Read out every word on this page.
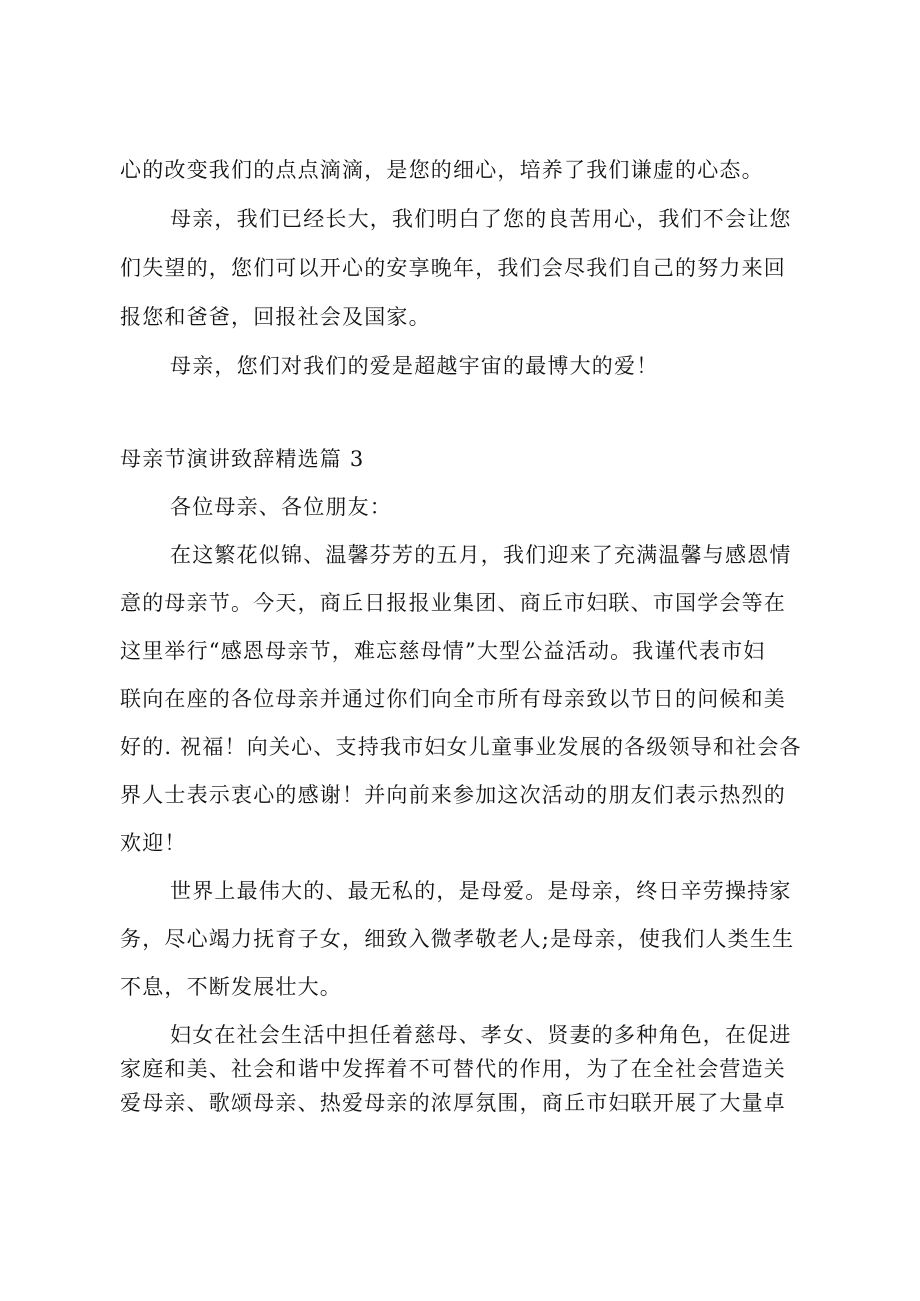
心的改变我们的点点滴滴，是您的细心，培养了我们谦虚的心态。
母亲，我们已经长大，我们明白了您的良苦用心，我们不会让您
们失望的，您们可以开心的安享晚年，我们会尽我们自己的努力来回
报您和爸爸，回报社会及国家。
母亲，您们对我们的爱是超越宇宙的最博大的爱！
母亲节演讲致辞精选篇 3
各位母亲、各位朋友：
在这繁花似锦、温馨芬芳的五月，我们迎来了充满温馨与感恩情
意的母亲节。今天，商丘日报报业集团、商丘市妇联、市国学会等在
这里举行“感恩母亲节，难忘慈母情”大型公益活动。我谨代表市妇
联向在座的各位母亲并通过你们向全市所有母亲致以节日的问候和美
好的. 祝福！向关心、支持我市妇女儿童事业发展的各级领导和社会各
界人士表示衷心的感谢！并向前来参加这次活动的朋友们表示热烈的
欢迎！
世界上最伟大的、最无私的，是母爱。是母亲，终日辛劳操持家
务，尽心竭力抚育子女，细致入微孝敬老人;是母亲，使我们人类生生
不息，不断发展壮大。
妇女在社会生活中担任着慈母、孝女、贤妻的多种角色，在促进
家庭和美、社会和谐中发挥着不可替代的作用，为了在全社会营造关
爱母亲、歌颂母亲、热爱母亲的浓厚氛围，商丘市妇联开展了大量卓
